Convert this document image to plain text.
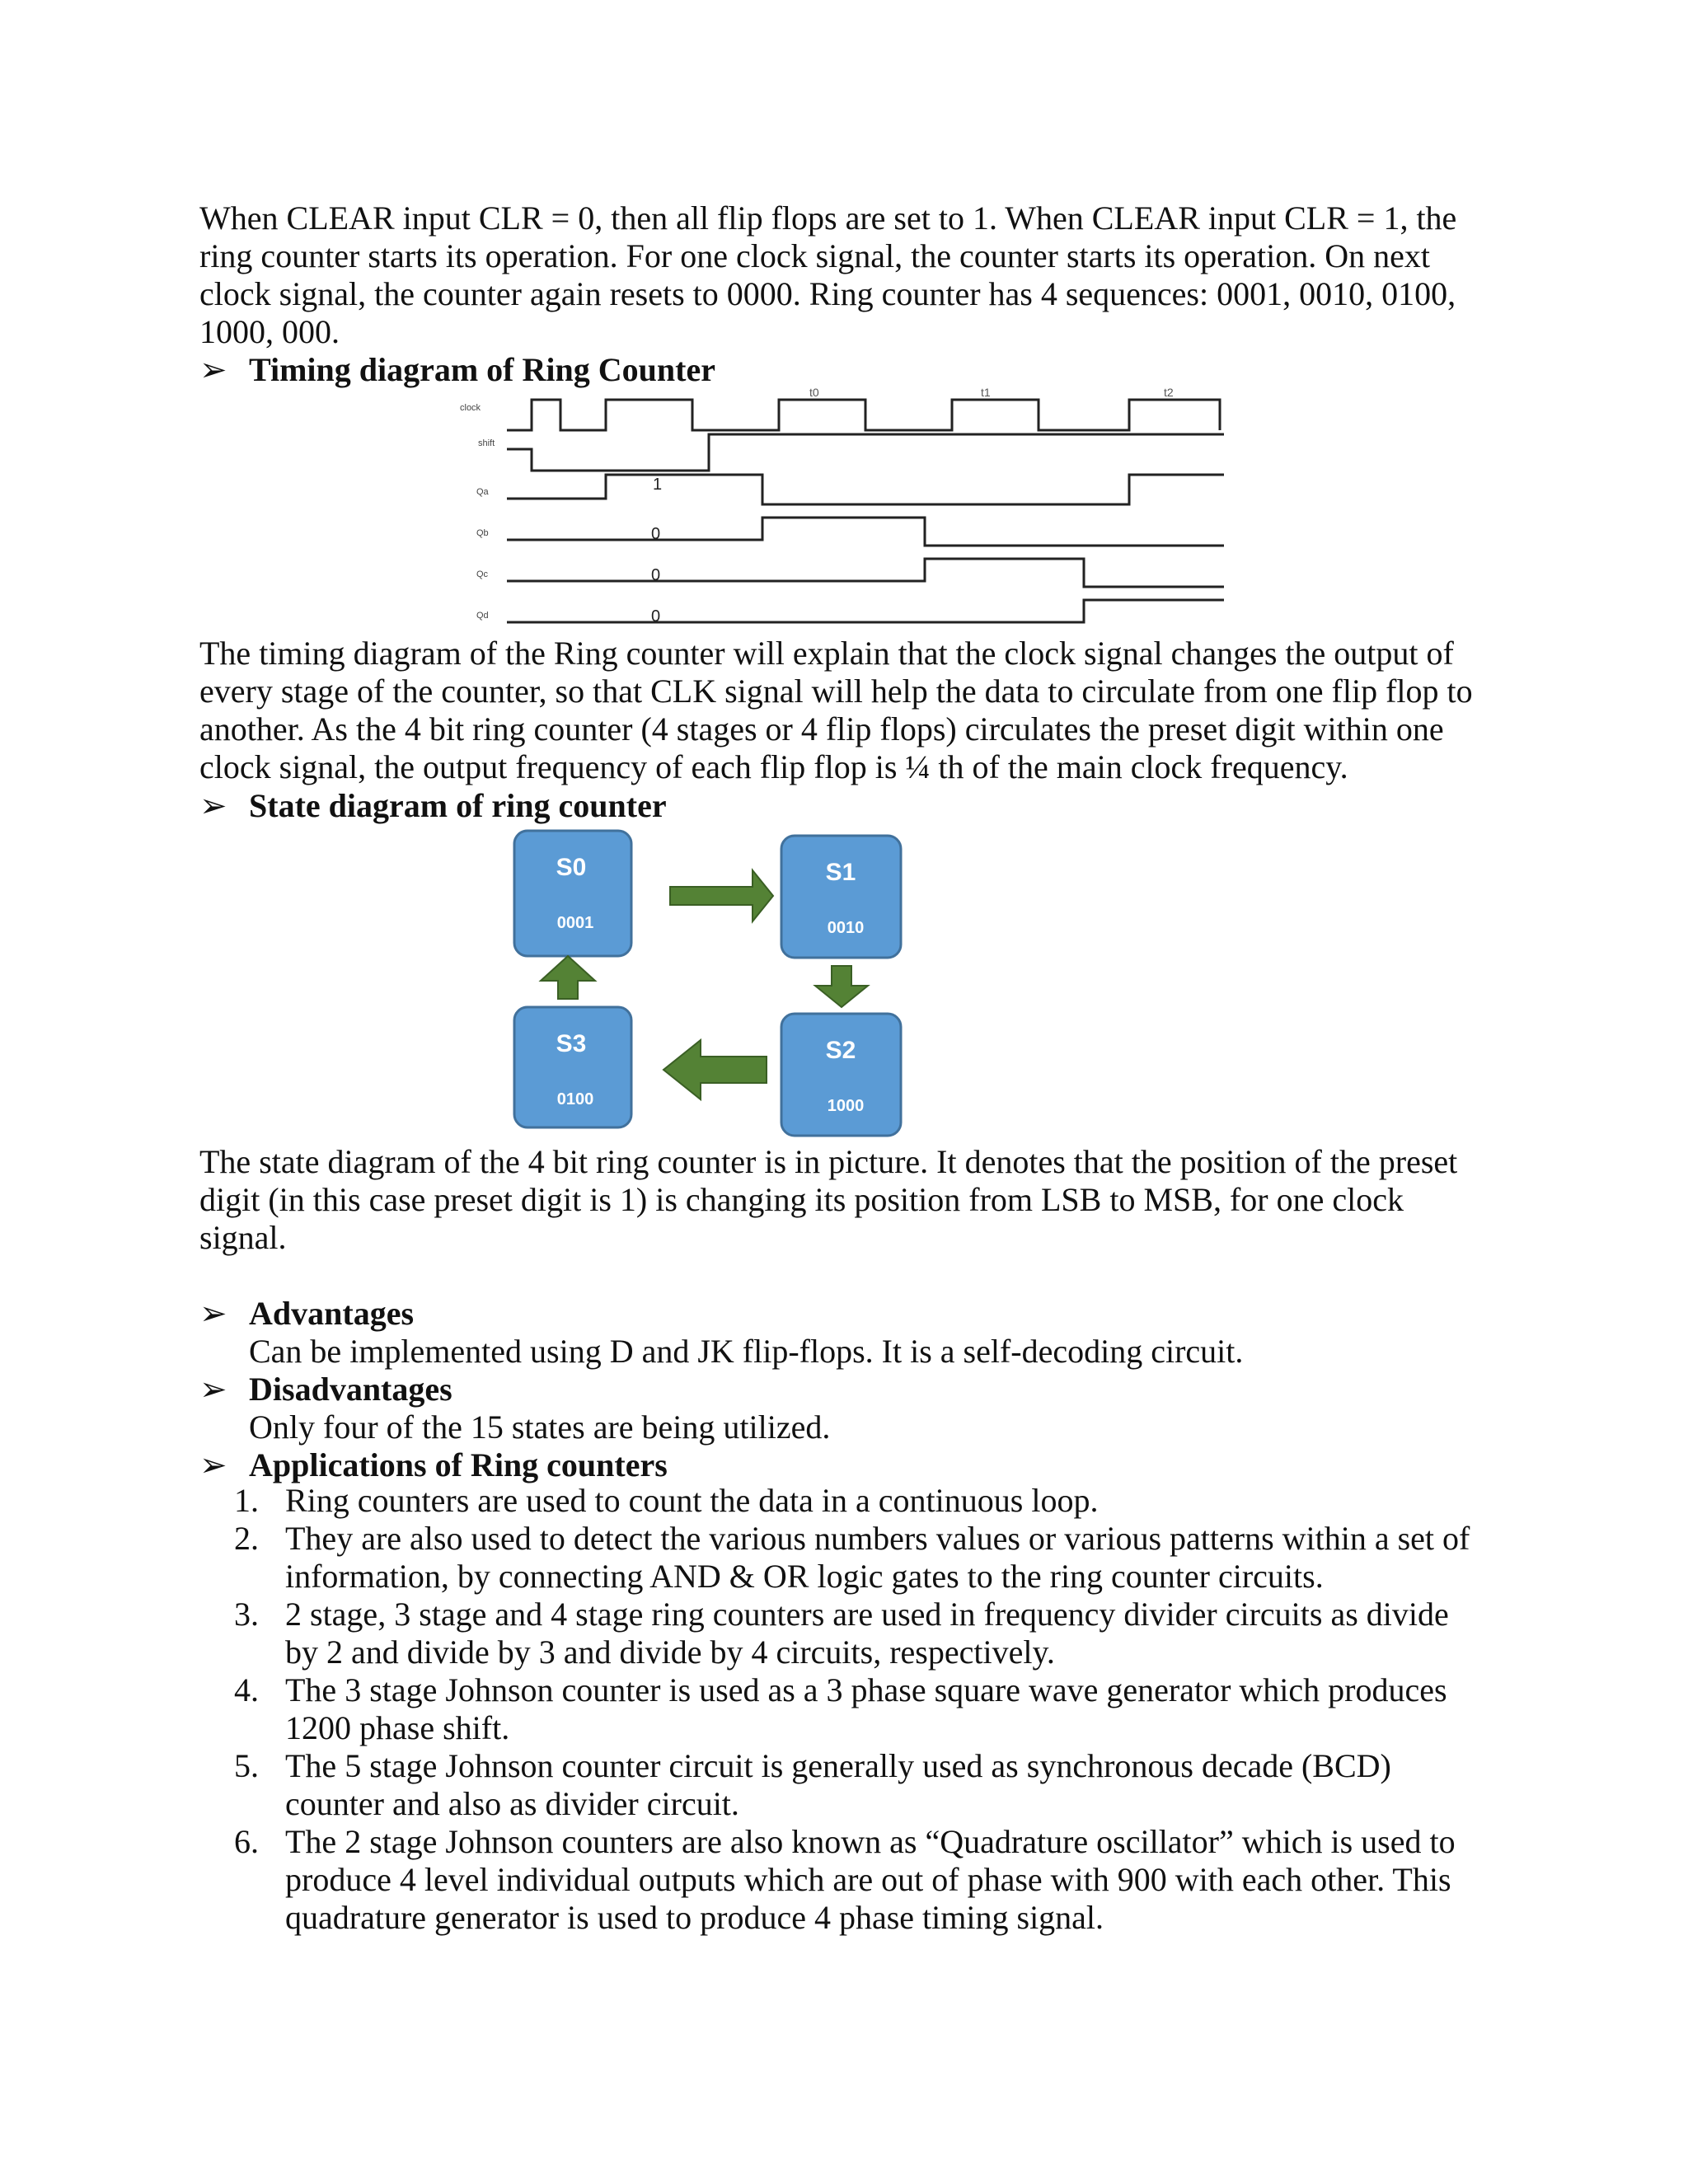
When CLEAR input CLR = 0, then all flip flops are set to 1. When CLEAR input CLR = 1, the ring counter starts its operation. For one clock signal, the counter starts its operation. On next clock signal, the counter again resets to 0000. Ring counter has 4 sequences: 0001, 0010, 0100, 1000, 000.

➢ Timing diagram of Ring Counter

clock
shift
Qa
Qb
Qc
Qd
t0	t1	t2
1
0
0
0

The timing diagram of the Ring counter will explain that the clock signal changes the output of every stage of the counter, so that CLK signal will help the data to circulate from one flip flop to another. As the 4 bit ring counter (4 stages or 4 flip flops) circulates the preset digit within one clock signal, the output frequency of each flip flop is ¼ th of the main clock frequency.

➢ State diagram of ring counter

S0
0001
S1
0010
S2
1000
S3
0100

The state diagram of the 4 bit ring counter is in picture. It denotes that the position of the preset digit (in this case preset digit is 1) is changing its position from LSB to MSB, for one clock signal.

➢ Advantages

Can be implemented using D and JK flip-flops. It is a self-decoding circuit.

➢ Disadvantages

Only four of the 15 states are being utilized.

➢ Applications of Ring counters

1. Ring counters are used to count the data in a continuous loop.
2. They are also used to detect the various numbers values or various patterns within a set of information, by connecting AND & OR logic gates to the ring counter circuits.
3. 2 stage, 3 stage and 4 stage ring counters are used in frequency divider circuits as divide by 2 and divide by 3 and divide by 4 circuits, respectively.
4. The 3 stage Johnson counter is used as a 3 phase square wave generator which produces 1200 phase shift.
5. The 5 stage Johnson counter circuit is generally used as synchronous decade (BCD) counter and also as divider circuit.
6. The 2 stage Johnson counters are also known as “Quadrature oscillator” which is used to produce 4 level individual outputs which are out of phase with 900 with each other. This quadrature generator is used to produce 4 phase timing signal.
